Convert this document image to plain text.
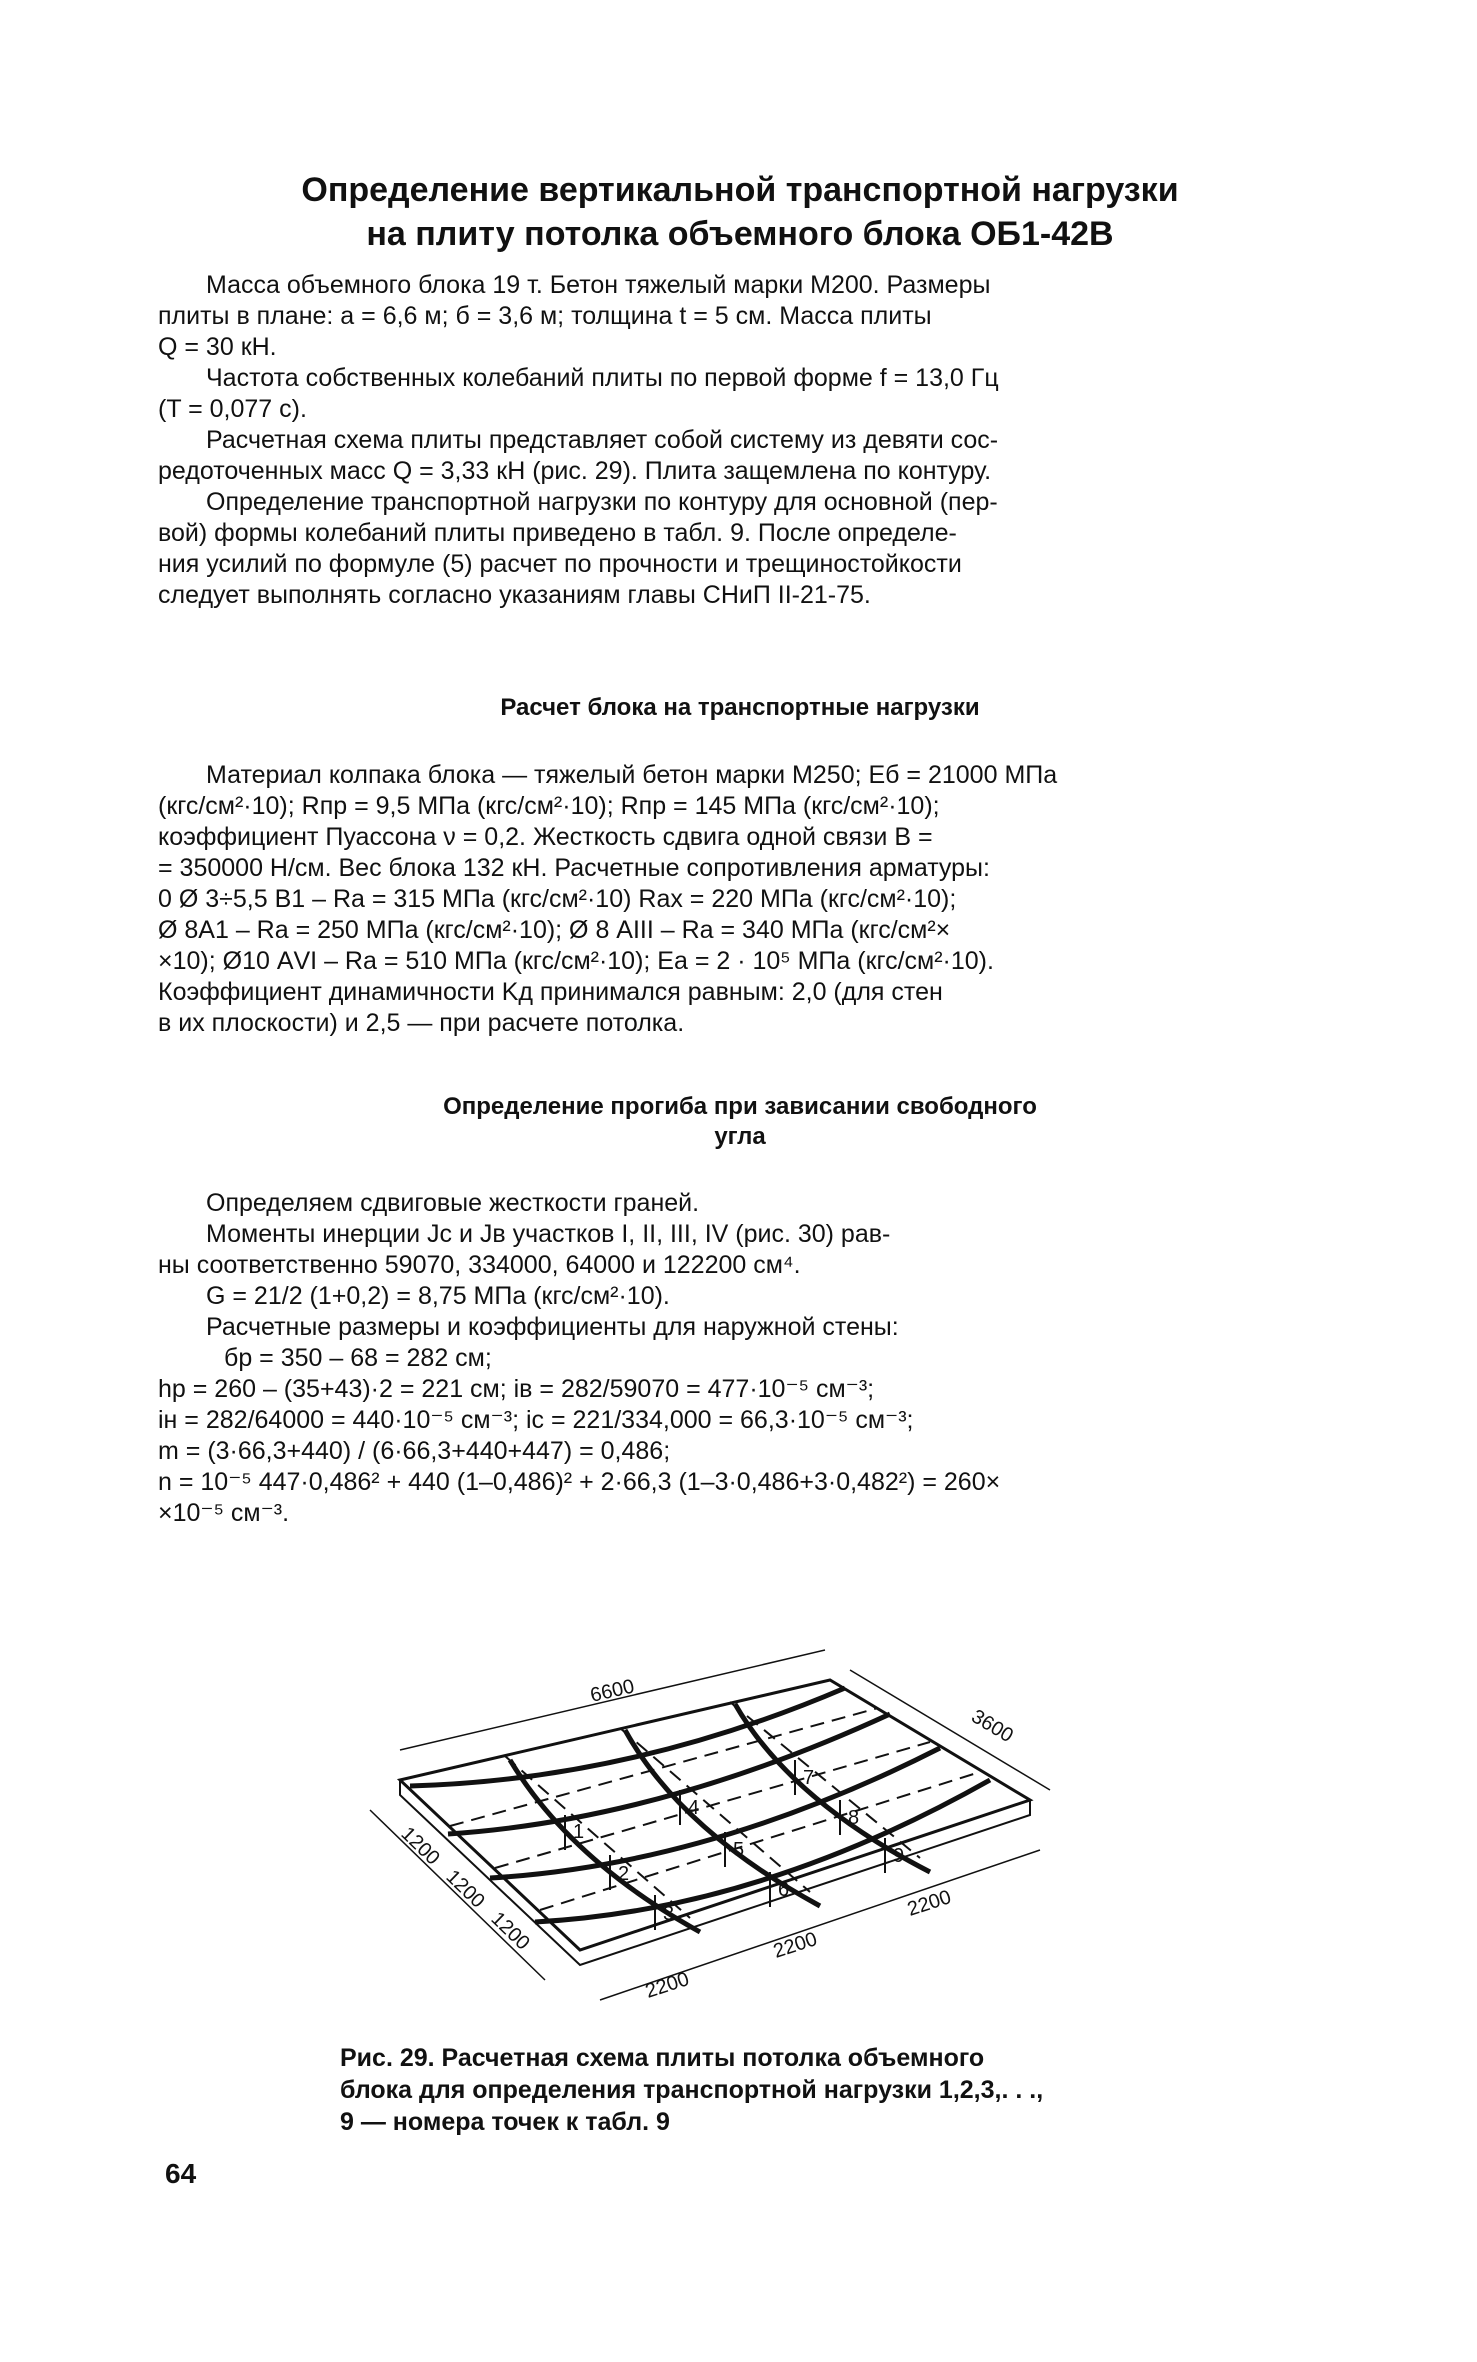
Определение вертикальной транспортной нагрузки
на плиту потолка объемного блока ОБ1-42В
Масса объемного блока 19 т. Бетон тяжелый марки М200. Размеры
плиты в плане: а = 6,6 м; б = 3,6 м; толщина t = 5 см. Масса плиты
Q = 30 кН.
Частота собственных колебаний плиты по первой форме f = 13,0 Гц
(T = 0,077 с).
Расчетная схема плиты представляет собой систему из девяти сос-
редоточенных масс Q = 3,33 кН (рис. 29). Плита защемлена по контуру.
Определение транспортной нагрузки по контуру для основной (пер-
вой) формы колебаний плиты приведено в табл. 9. После определе-
ния усилий по формуле (5) расчет по прочности и трещиностойкости
следует выполнять согласно указаниям главы СНиП II-21-75.
Расчет блока на транспортные нагрузки
Материал колпака блока — тяжелый бетон марки М250; Eб = 21000 МПа
(кгс/см²·10); Rпр = 9,5 МПа (кгс/см²·10); Rпр = 145 МПа (кгс/см²·10);
коэффициент Пуассона ν = 0,2. Жесткость сдвига одной связи B =
= 350000 Н/см. Вес блока 132 кН. Расчетные сопротивления арматуры:
0 Ø 3÷5,5 B1 – Ra = 315 МПа (кгс/см²·10) Raх = 220 МПа (кгс/см²·10);
Ø 8А1 – Ra = 250 МПа (кгс/см²·10); Ø 8 АIII – Ra = 340 МПа (кгс/см²×
×10); Ø10 АVI – Ra = 510 МПа (кгс/см²·10); Ea = 2 · 10⁵ МПа (кгс/см²·10).
Коэффициент динамичности Kд принимался равным: 2,0 (для стен
в их плоскости) и 2,5 — при расчете потолка.
Определение прогиба при зависании свободного
угла
Определяем сдвиговые жесткости граней.
Моменты инерции Jс и Jв участков I, II, III, IV (рис. 30) рав-
ны соответственно 59070, 334000, 64000 и 122200 см⁴.
G = 21/2 (1+0,2) = 8,75 МПа (кгс/см²·10).
Расчетные размеры и коэффициенты для наружной стены:
бр = 350 – 68 = 282 см;
hр = 260 – (35+43)·2 = 221 см; iв = 282/59070 = 477·10⁻⁵ см⁻³;
iн = 282/64000 = 440·10⁻⁵ см⁻³; iс = 221/334,000 = 66,3·10⁻⁵ см⁻³;
m = (3·66,3+440) / (6·66,3+440+447) = 0,486;
n = 10⁻⁵ 447·0,486² + 440 (1–0,486)² + 2·66,3 (1–3·0,486+3·0,482²) = 260×
×10⁻⁵ см⁻³.
6600
3600
1200
1200
1200
2200
2200
2200
1
2
3
4
5
6
7
8
9
Рис. 29. Расчетная схема плиты потолка объемного
блока для определения транспортной нагрузки 1,2,3,. . .,
9 — номера точек к табл. 9
64
